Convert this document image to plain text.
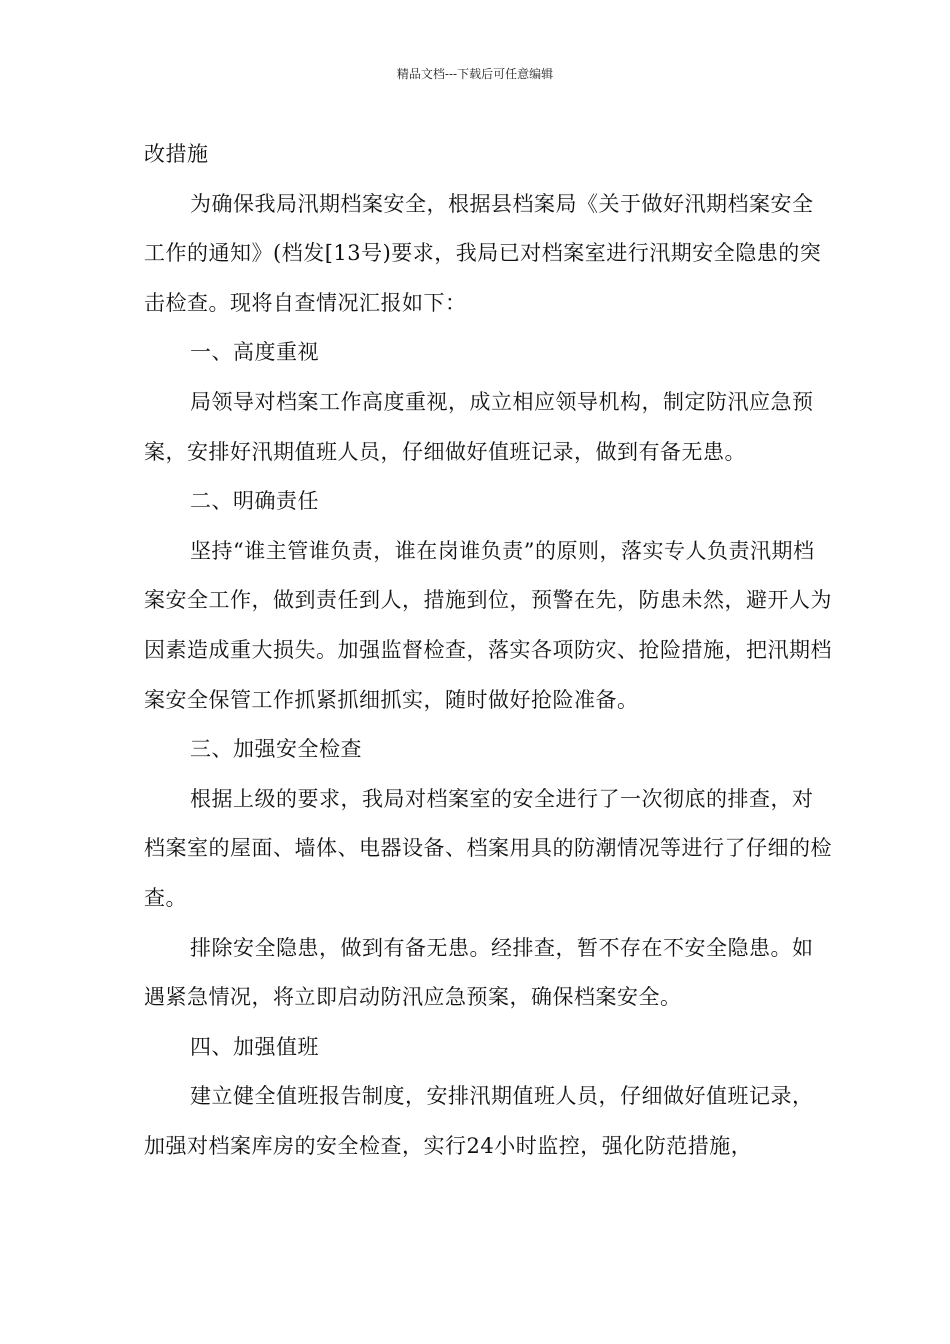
精品文档---下载后可任意编辑

改措施

为确保我局汛期档案安全，根据县档案局《关于做好汛期档案安全工作的通知》(档发[13号)要求，我局已对档案室进行汛期安全隐患的突击检查。现将自查情况汇报如下：

一、高度重视

局领导对档案工作高度重视，成立相应领导机构，制定防汛应急预案，安排好汛期值班人员，仔细做好值班记录，做到有备无患。

二、明确责任

坚持“谁主管谁负责，谁在岗谁负责”的原则，落实专人负责汛期档案安全工作，做到责任到人，措施到位，预警在先，防患未然，避开人为因素造成重大损失。加强监督检查，落实各项防灾、抢险措施，把汛期档案安全保管工作抓紧抓细抓实，随时做好抢险准备。

三、加强安全检查

根据上级的要求，我局对档案室的安全进行了一次彻底的排查，对档案室的屋面、墙体、电器设备、档案用具的防潮情况等进行了仔细的检查。

排除安全隐患，做到有备无患。经排查，暂不存在不安全隐患。如遇紧急情况，将立即启动防汛应急预案，确保档案安全。

四、加强值班

建立健全值班报告制度，安排汛期值班人员，仔细做好值班记录，加强对档案库房的安全检查，实行24小时监控，强化防范措施，
